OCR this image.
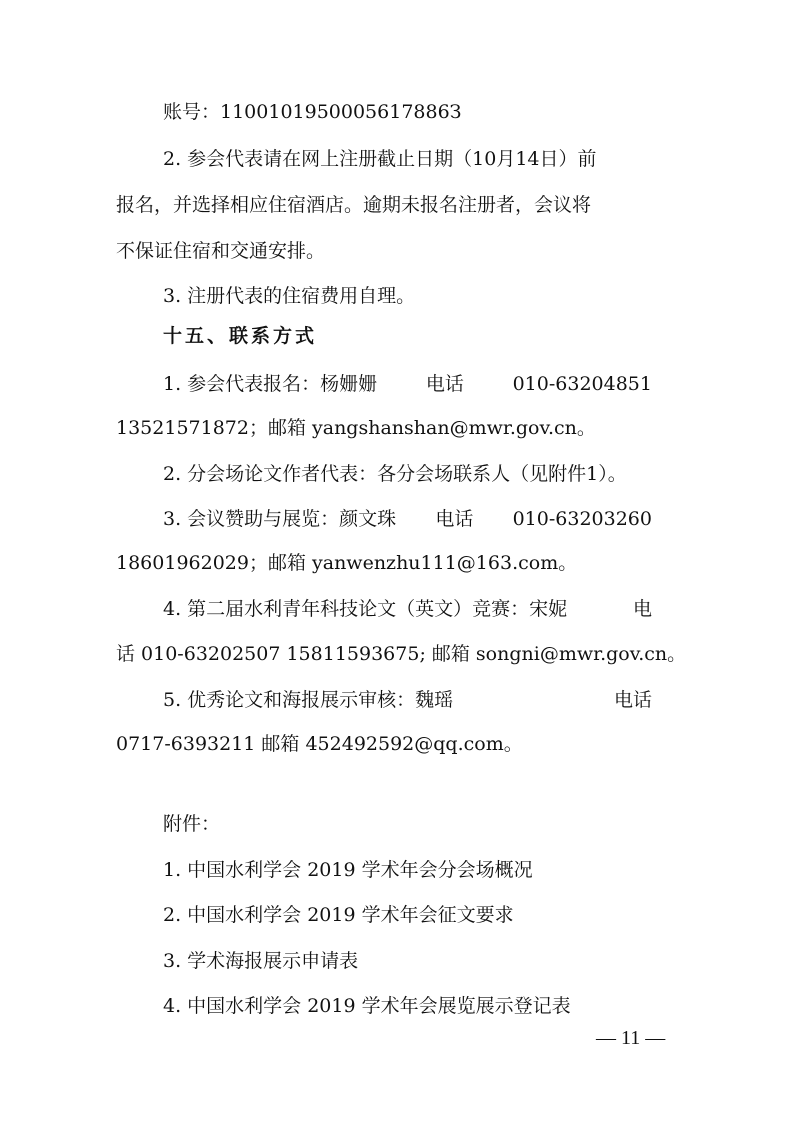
账号：1100101950005617886З
2. 参会代表请在网上注册截止日期（10月14日）前
报名，并选择相应住宿酒店。逾期未报名注册者，会议将
不保证住宿和交通安排。
3. 注册代表的住宿费用自理。
十五、联系方式
1. 参会代表报名：杨姗姗	电话	010-63204851
13521571872；邮箱 yangshanshan@mwr.gov.cn。
2. 分会场论文作者代表：各分会场联系人（见附件1）。
3. 会议赞助与展览：颜文珠 电话 010-63203260
18601962029；邮箱 yanwenzhu111@163.com。
4. 第二届水利青年科技论文（英文）竞赛：宋妮	电
话 010-63202507 15811593675; 邮箱 songni@mwr.gov.cn。
5. 优秀论文和海报展示审核：魏瑶	电话
0717-6393211 邮箱 452492592@qq.com。
附件：
1. 中国水利学会 2019 学术年会分会场概况
2. 中国水利学会 2019 学术年会征文要求
3. 学术海报展示申请表
4. 中国水利学会 2019 学术年会展览展示登记表
— 11 —
